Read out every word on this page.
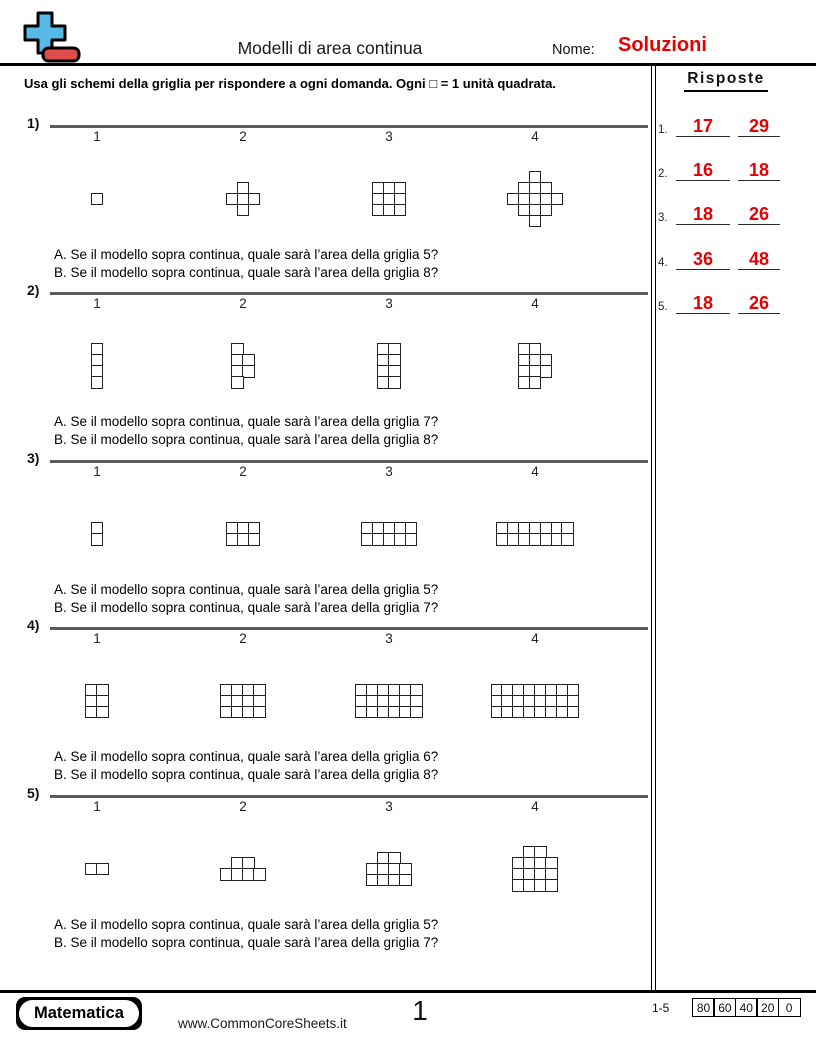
Modelli di area continua	Nome: Soluzioni
Usa gli schemi della griglia per rispondere a ogni domanda. Ogni □ = 1 unità quadrata.	Risposte
1.	17	29
2.	16	18
3.	18	26
4.	36	48
5.	18	26
1)
1	2	3	4
A. Se il modello sopra continua, quale sarà l’area della griglia 5?
B. Se il modello sopra continua, quale sarà l’area della griglia 8?
2)
1	2	3	4
A. Se il modello sopra continua, quale sarà l’area della griglia 7?
B. Se il modello sopra continua, quale sarà l’area della griglia 8?
3)
1	2	3	4
A. Se il modello sopra continua, quale sarà l’area della griglia 5?
B. Se il modello sopra continua, quale sarà l’area della griglia 7?
4)
1	2	3	4
A. Se il modello sopra continua, quale sarà l’area della griglia 6?
B. Se il modello sopra continua, quale sarà l’area della griglia 8?
5)
1	2	3	4
A. Se il modello sopra continua, quale sarà l’area della griglia 5?
B. Se il modello sopra continua, quale sarà l’area della griglia 7?
Matematica
www.CommonCoreSheets.it	1	1-5	80 60 40 20 0
